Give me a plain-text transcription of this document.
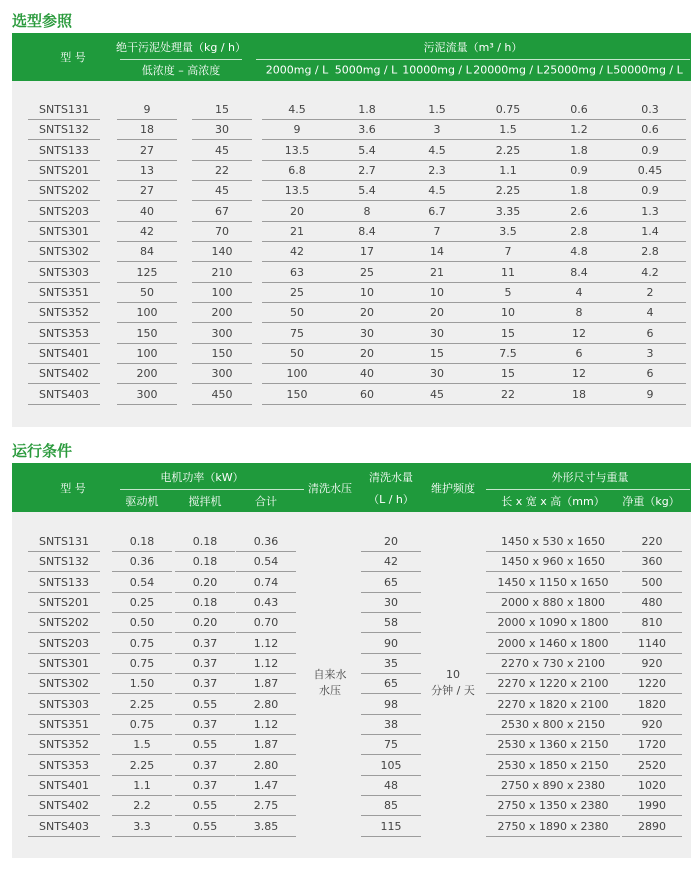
选型参照
型 号
绝干污泥处理量（kg / h）
低浓度 – 高浓度
污泥流量（m³ / h）
2000mg / L 5000mg / L 10000mg / L 20000mg / L 25000mg / L 50000mg / L
SNTS131	9	15	4.5	1.8	1.5	0.75	0.6	0.3
SNTS132	18	30	9	3.6	3	1.5	1.2	0.6
SNTS133	27	45	13.5	5.4	4.5	2.25	1.8	0.9
SNTS201	13	22	6.8	2.7	2.3	1.1	0.9	0.45
SNTS202	27	45	13.5	5.4	4.5	2.25	1.8	0.9
SNTS203	40	67	20	8	6.7	3.35	2.6	1.3
SNTS301	42	70	21	8.4	7	3.5	2.8	1.4
SNTS302	84	140	42	17	14	7	4.8	2.8
SNTS303	125	210	63	25	21	11	8.4	4.2
SNTS351	50	100	25	10	10	5	4	2
SNTS352	100	200	50	20	20	10	8	4
SNTS353	150	300	75	30	30	15	12	6
SNTS401	100	150	50	20	15	7.5	6	3
SNTS402	200	300	100	40	30	15	12	6
SNTS403	300	450	150	60	45	22	18	9
运行条件
型 号
电机功率（kW）
驱动机	搅拌机	合计
清洗水压
清洗水量
（L / h）
维护频度
外形尺寸与重量
长 x 宽 x 高（mm） 净重（kg）
SNTS131	0.18	0.18	0.36	20	1450 x 530 x 1650	220
SNTS132	0.36	0.18	0.54	42	1450 x 960 x 1650	360
SNTS133	0.54	0.20	0.74	65	1450 x 1150 x 1650	500
SNTS201	0.25	0.18	0.43	30	2000 x 880 x 1800	480
SNTS202	0.50	0.20	0.70	58	2000 x 1090 x 1800	810
SNTS203	0.75	0.37	1.12	90	2000 x 1460 x 1800	1140
SNTS301	0.75	0.37	1.12	35	2270 x 730 x 2100	920
SNTS302	1.50	0.37	1.87	65	2270 x 1220 x 2100	1220
SNTS303	2.25	0.55	2.80	98	2270 x 1820 x 2100	1820
SNTS351	0.75	0.37	1.12	38	2530 x 800 x 2150	920
SNTS352	1.5	0.55	1.87	75	2530 x 1360 x 2150	1720
SNTS353	2.25	0.37	2.80	105	2530 x 1850 x 2150	2520
SNTS401	1.1	0.37	1.47	48	2750 x 890 x 2380	1020
SNTS402	2.2	0.55	2.75	85	2750 x 1350 x 2380	1990
SNTS403	3.3	0.55	3.85	115	2750 x 1890 x 2380	2890
自来水
水压
10
分钟 / 天
